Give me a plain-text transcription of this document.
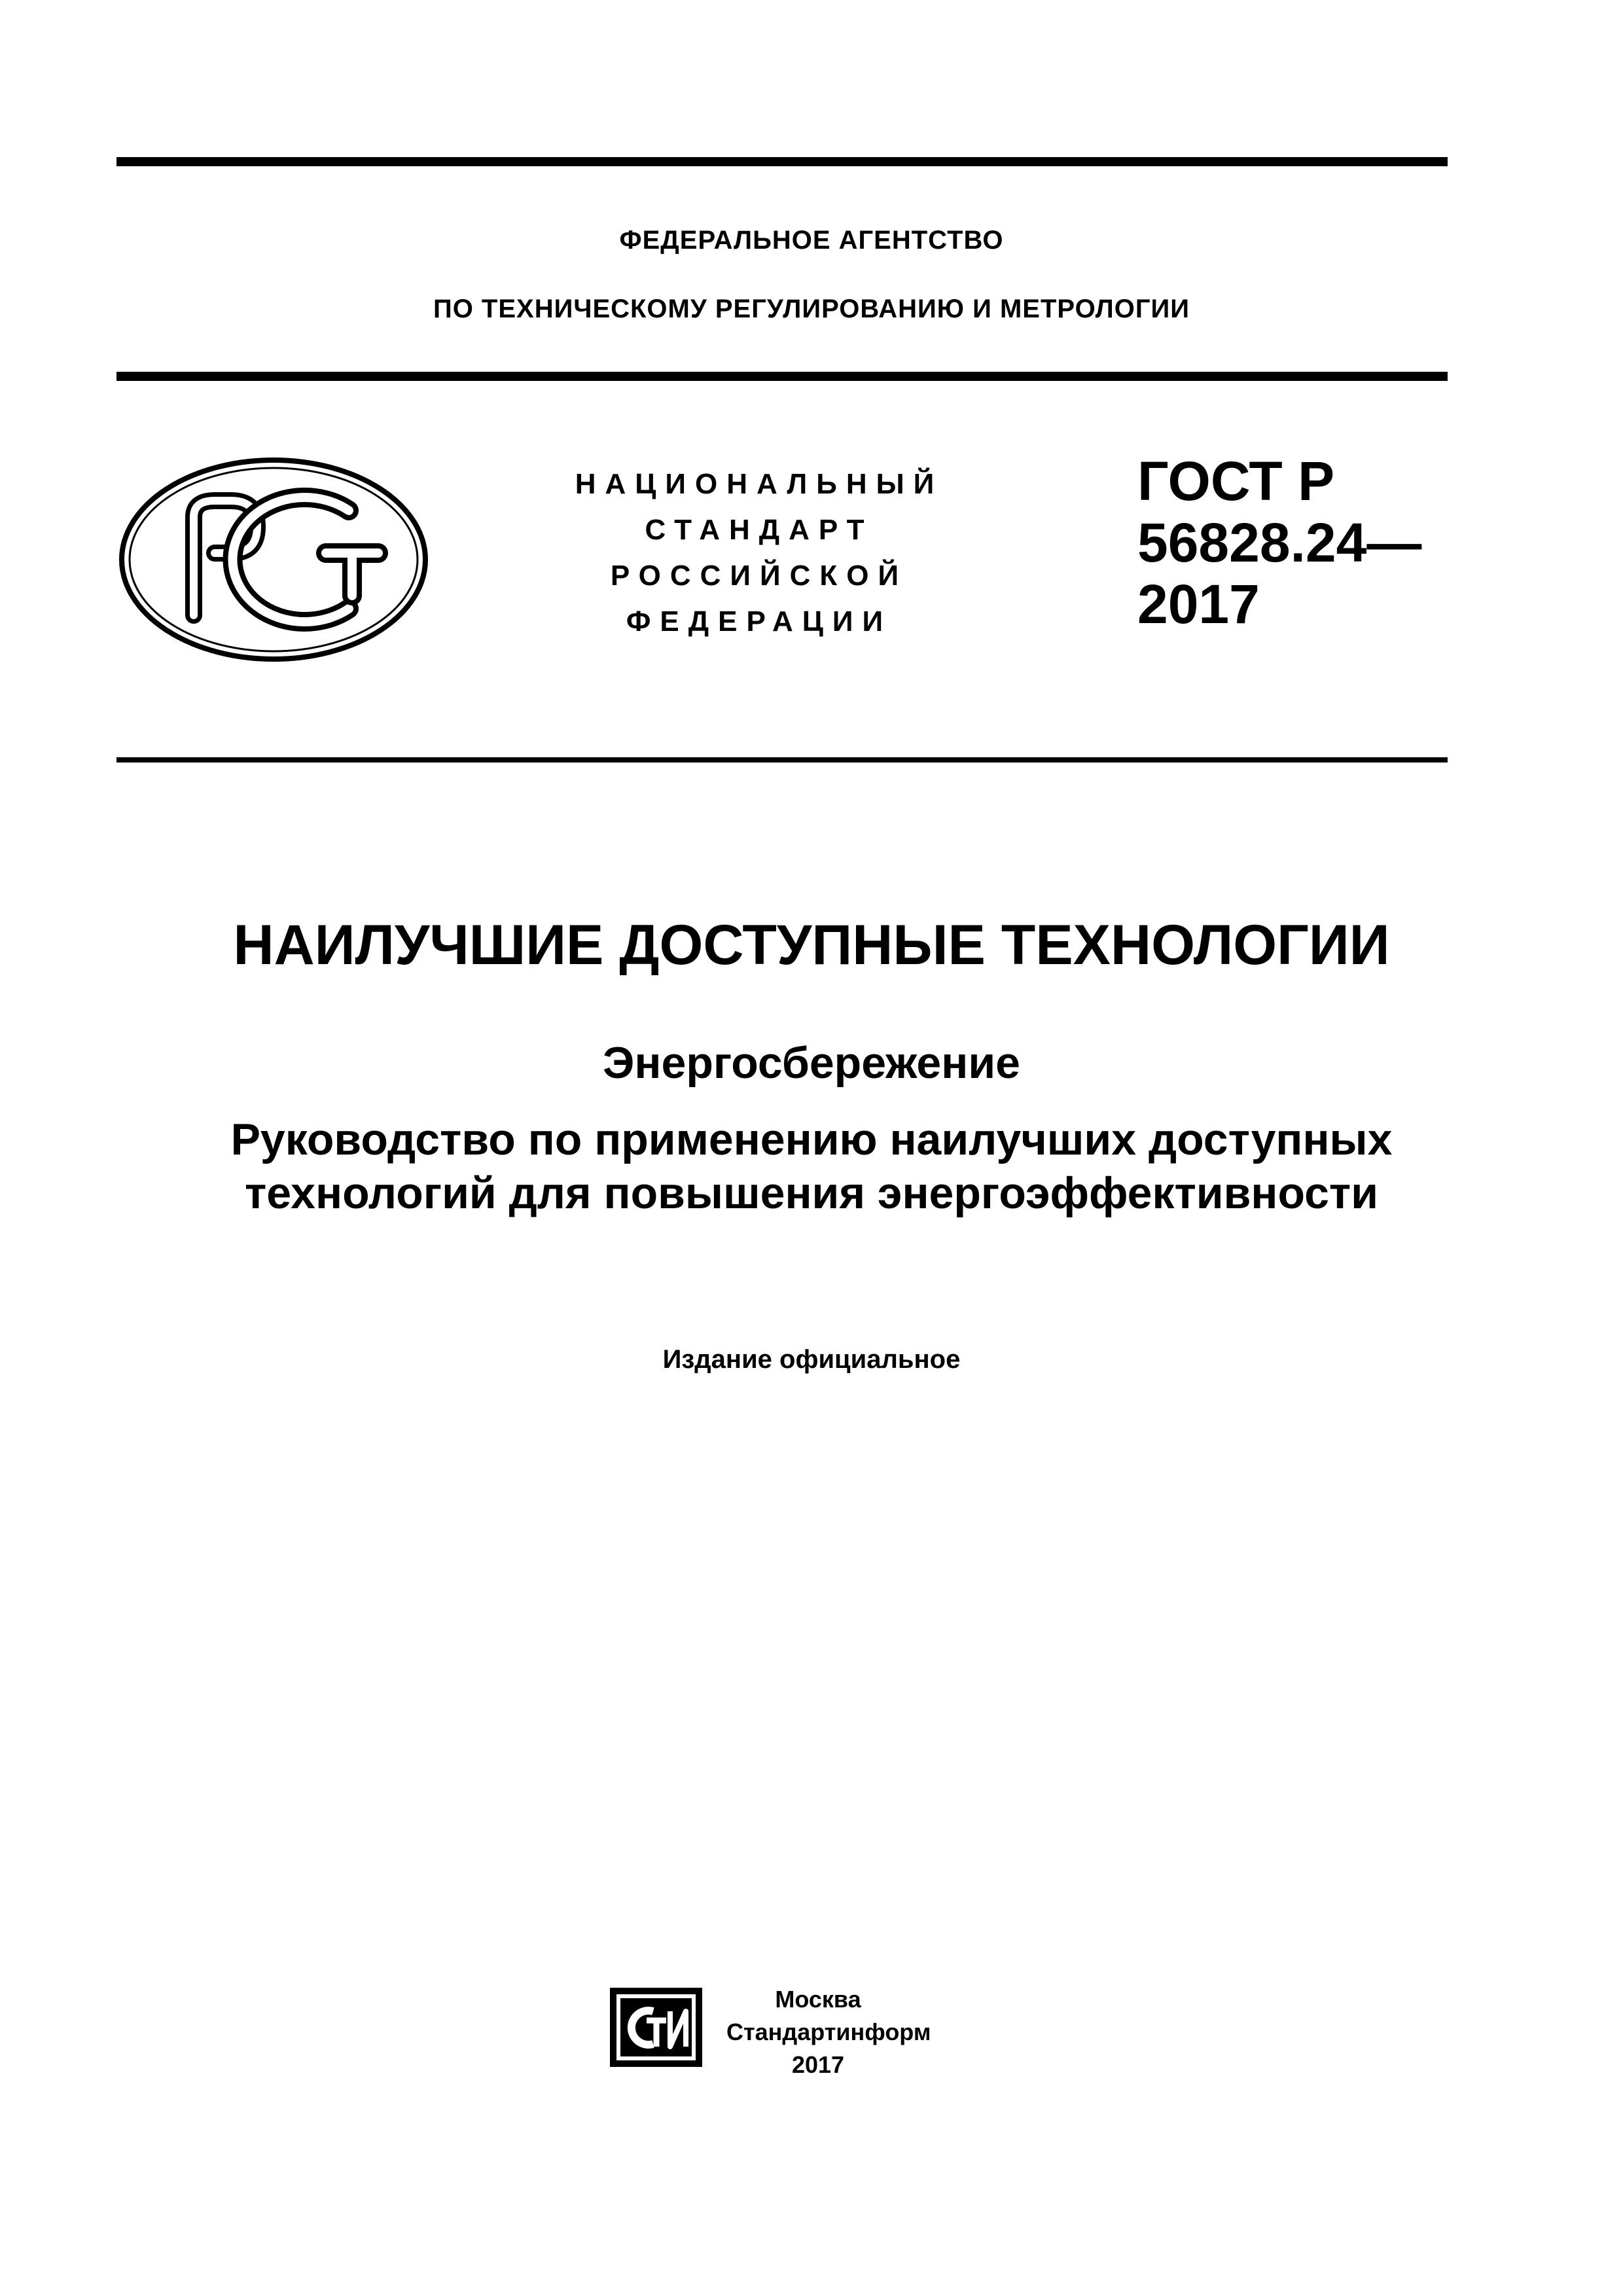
ФЕДЕРАЛЬНОЕ АГЕНТСТВО
ПО ТЕХНИЧЕСКОМУ РЕГУЛИРОВАНИЮ И МЕТРОЛОГИИ
НАЦИОНАЛЬНЫЙ
СТАНДАРТ
РОССИЙСКОЙ
ФЕДЕРАЦИИ
ГОСТ Р
56828.24—
2017
НАИЛУЧШИЕ ДОСТУПНЫЕ ТЕХНОЛОГИИ
Энергосбережение
Руководство по применению наилучших доступных
технологий для повышения энергоэффективности
Издание официальное
Москва
Стандартинформ
2017
